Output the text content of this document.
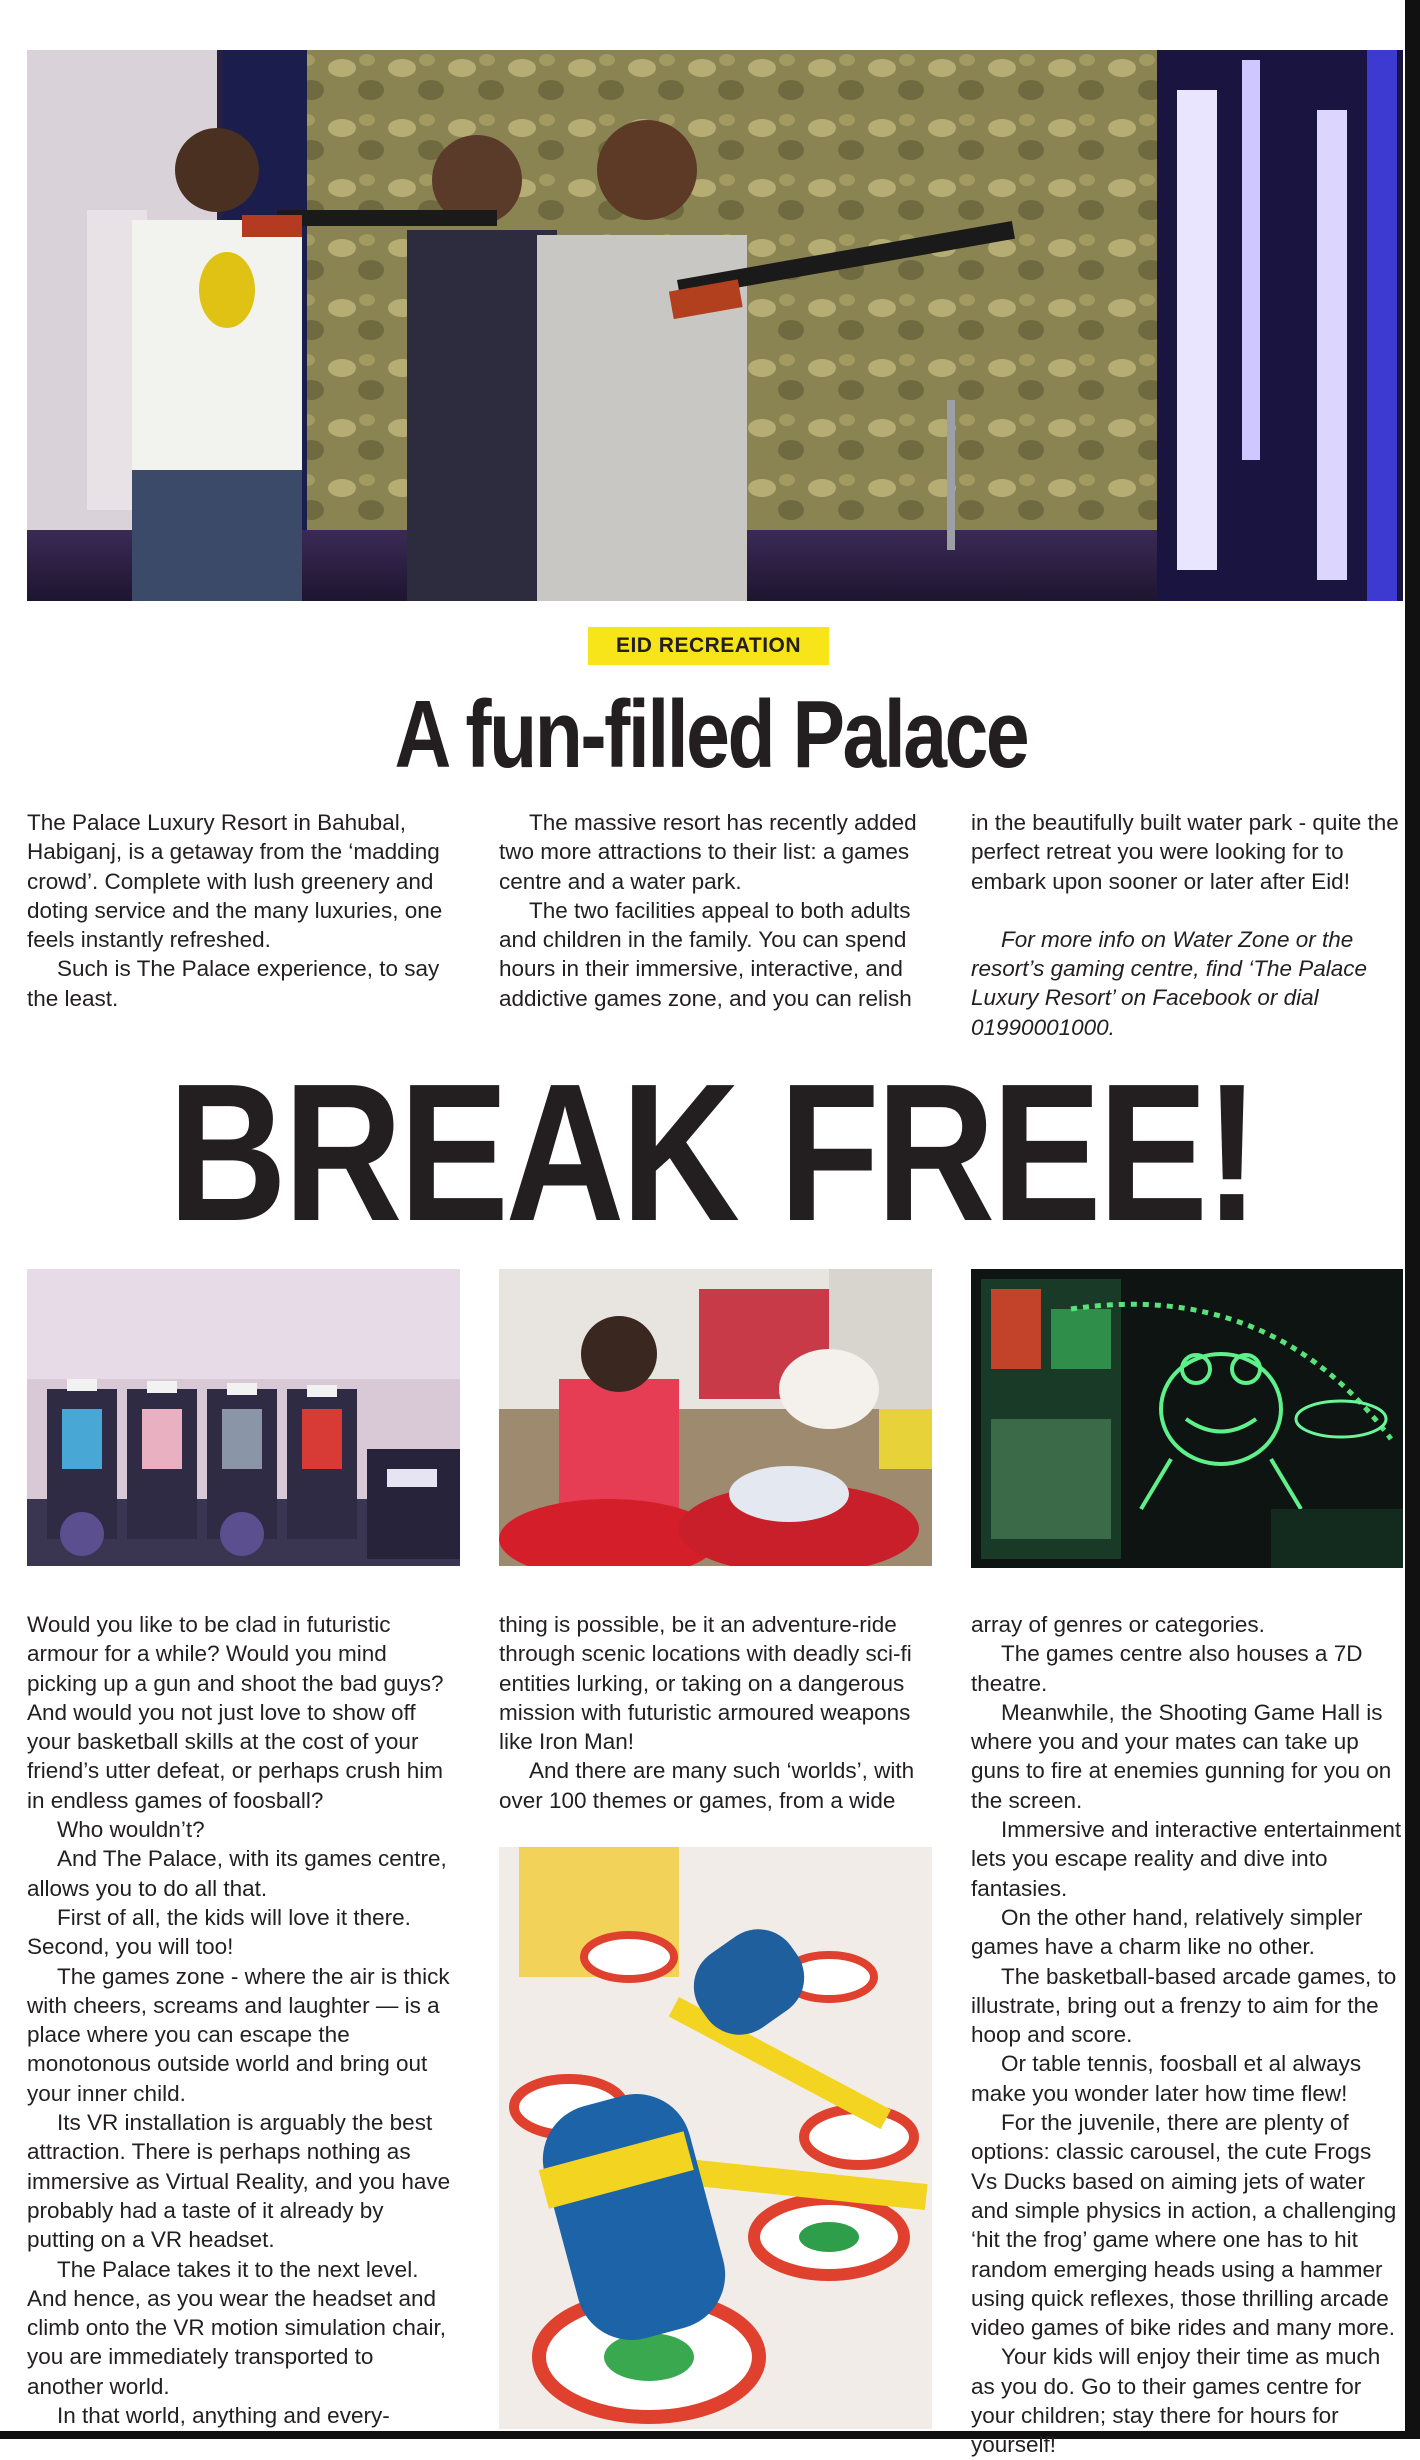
EID RECREATION
A fun-filled Palace

The Palace Luxury Resort in Bahubal, Habiganj, is a getaway from the ‘madding crowd’. Complete with lush greenery and doting service and the many luxuries, one feels instantly refreshed.

Such is The Palace experience, to say the least.

The massive resort has recently added two more attractions to their list: a games centre and a water park.

The two facilities appeal to both adults and children in the family. You can spend hours in their immersive, interactive, and addictive games zone, and you can relish

in the beautifully built water park - quite the perfect retreat you were looking for to embark upon sooner or later after Eid!

For more info on Water Zone or the resort’s gaming centre, find ‘The Palace Luxury Resort’ on Facebook or dial 01990001000.

BREAK FREE!

Would you like to be clad in futuristic armour for a while? Would you mind picking up a gun and shoot the bad guys? And would you not just love to show off your basketball skills at the cost of your friend’s utter defeat, or perhaps crush him in endless games of foosball?

Who wouldn’t?

And The Palace, with its games centre, allows you to do all that.

First of all, the kids will love it there. Second, you will too!

The games zone - where the air is thick with cheers, screams and laughter — is a place where you can escape the monotonous outside world and bring out your inner child.

Its VR installation is arguably the best attraction. There is perhaps nothing as immersive as Virtual Reality, and you have probably had a taste of it already by putting on a VR headset.

The Palace takes it to the next level. And hence, as you wear the headset and climb onto the VR motion simulation chair, you are immediately transported to another world.

In that world, anything and every-

thing is possible, be it an adventure-ride through scenic locations with deadly sci-fi entities lurking, or taking on a dangerous mission with futuristic armoured weapons like Iron Man!

And there are many such ‘worlds’, with over 100 themes or games, from a wide

array of genres or categories.

The games centre also houses a 7D theatre.

Meanwhile, the Shooting Game Hall is where you and your mates can take up guns to fire at enemies gunning for you on the screen.

Immersive and interactive entertainment lets you escape reality and dive into fantasies.

On the other hand, relatively simpler games have a charm like no other.

The basketball-based arcade games, to illustrate, bring out a frenzy to aim for the hoop and score.

Or table tennis, foosball et al always make you wonder later how time flew!

For the juvenile, there are plenty of options: classic carousel, the cute Frogs Vs Ducks based on aiming jets of water and simple physics in action, a challenging ‘hit the frog’ game where one has to hit random emerging heads using a hammer using quick reflexes, those thrilling arcade video games of bike rides and many more.

Your kids will enjoy their time as much as you do. Go to their games centre for your children; stay there for hours for yourself!
